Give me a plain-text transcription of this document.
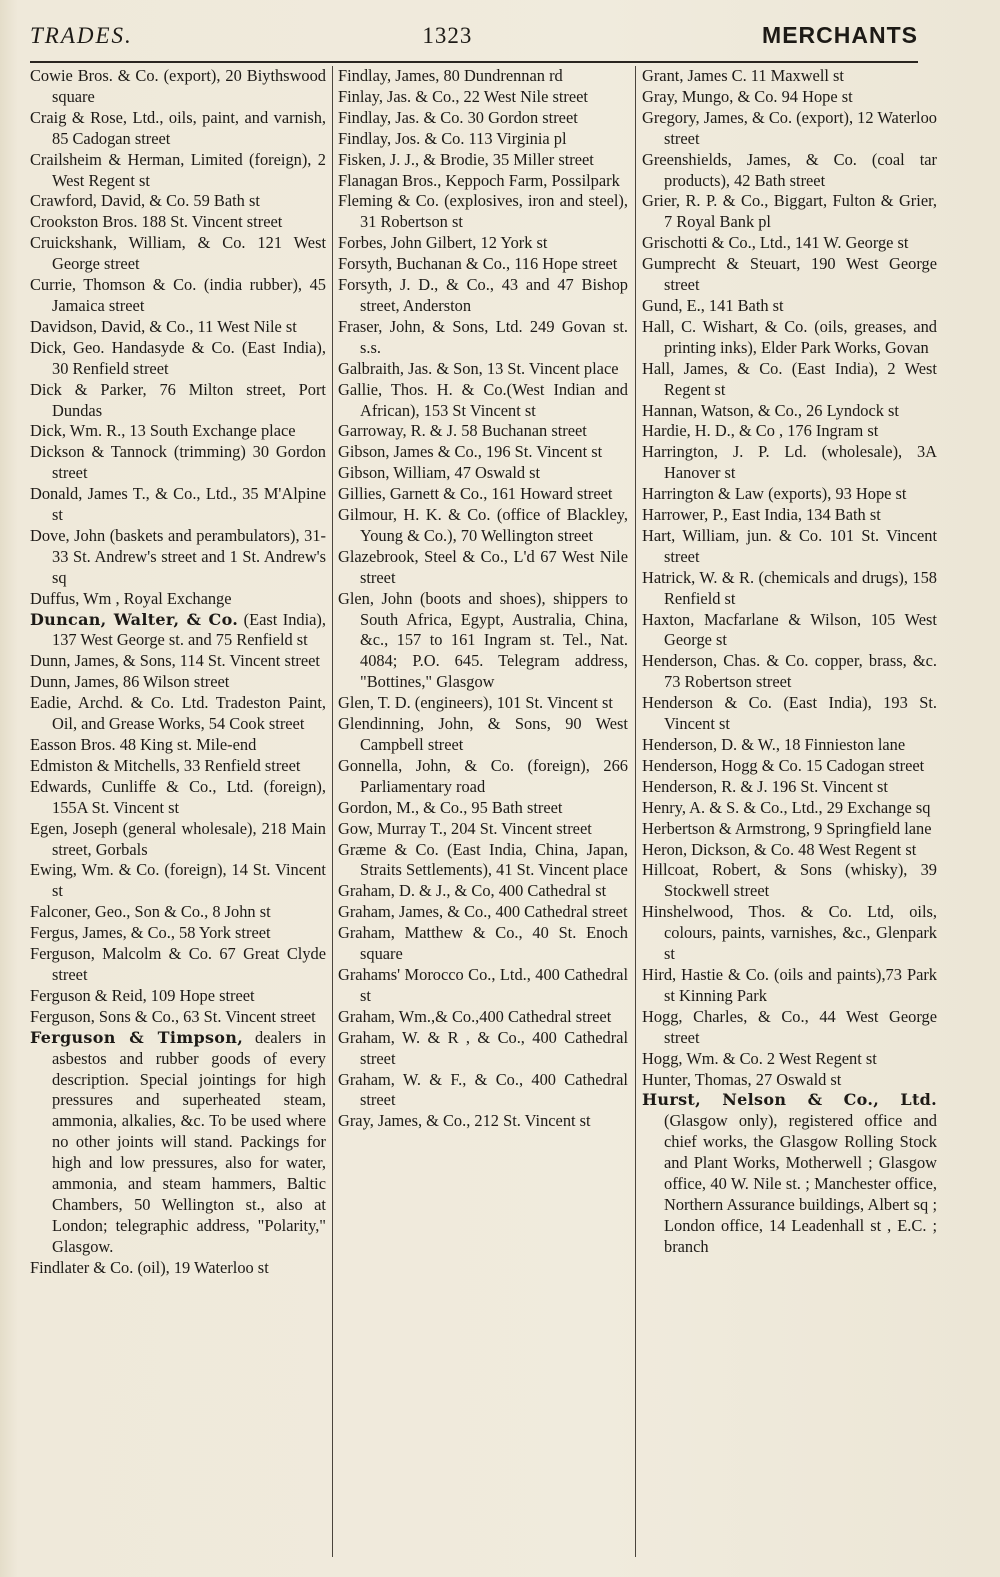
TRADES.	1323	MERCHANTS
Cowie Bros. & Co. (export), 20 Biythswood square
Craig & Rose, Ltd., oils, paint, and varnish, 85 Cadogan street
Crailsheim & Herman, Limited (foreign), 2 West Regent st
Crawford, David, & Co. 59 Bath st
Crookston Bros. 188 St. Vincent street
Cruickshank, William, & Co. 121 West George street
Currie, Thomson & Co. (india rubber), 45 Jamaica street
Davidson, David, & Co., 11 West Nile st
Dick, Geo. Handasyde & Co. (East India), 30 Renfield street
Dick & Parker, 76 Milton street, Port Dundas
Dick, Wm. R., 13 South Exchange place
Dickson & Tannock (trimming) 30 Gordon street
Donald, James T., & Co., Ltd., 35 M'Alpine st
Dove, John (baskets and perambulators), 31-33 St. Andrew's street and 1 St. Andrew's sq
Duffus, Wm , Royal Exchange
Duncan, Walter, & Co. (East India), 137 West George st. and 75 Renfield st
Dunn, James, & Sons, 114 St. Vincent street
Dunn, James, 86 Wilson street
Eadie, Archd. & Co. Ltd. Tradeston Paint, Oil, and Grease Works, 54 Cook street
Easson Bros. 48 King st. Mile-end
Edmiston & Mitchells, 33 Renfield street
Edwards, Cunliffe & Co., Ltd. (foreign), 155A St. Vincent st
Egen, Joseph (general wholesale), 218 Main street, Gorbals
Ewing, Wm. & Co. (foreign), 14 St. Vincent st
Falconer, Geo., Son & Co., 8 John st
Fergus, James, & Co., 58 York street
Ferguson, Malcolm & Co. 67 Great Clyde street
Ferguson & Reid, 109 Hope street
Ferguson, Sons & Co., 63 St. Vincent street
Ferguson & Timpson, dealers in asbestos and rubber goods of every description. Special jointings for high pressures and superheated steam, ammonia, alkalies, &c. To be used where no other joints will stand. Packings for high and low pressures, also for water, ammonia, and steam hammers, Baltic Chambers, 50 Wellington st., also at London; telegraphic address, "Polarity," Glasgow.
Findlater & Co. (oil), 19 Waterloo st
Findlay, James, 80 Dundrennan rd
Finlay, Jas. & Co., 22 West Nile street
Findlay, Jas. & Co. 30 Gordon street
Findlay, Jos. & Co. 113 Virginia pl
Fisken, J. J., & Brodie, 35 Miller street
Flanagan Bros., Keppoch Farm, Possilpark
Fleming & Co. (explosives, iron and steel), 31 Robertson st
Forbes, John Gilbert, 12 York st
Forsyth, Buchanan & Co., 116 Hope street
Forsyth, J. D., & Co., 43 and 47 Bishop street, Anderston
Fraser, John, & Sons, Ltd. 249 Govan st. s.s.
Galbraith, Jas. & Son, 13 St. Vincent place
Gallie, Thos. H. & Co.(West Indian and African), 153 St Vincent st
Garroway, R. & J. 58 Buchanan street
Gibson, James & Co., 196 St. Vincent st
Gibson, William, 47 Oswald st
Gillies, Garnett & Co., 161 Howard street
Gilmour, H. K. & Co. (office of Blackley, Young & Co.), 70 Wellington street
Glazebrook, Steel & Co., L'd 67 West Nile street
Glen, John (boots and shoes), shippers to South Africa, Egypt, Australia, China, &c., 157 to 161 Ingram st. Tel., Nat. 4084; P.O. 645. Telegram address, "Bottines," Glasgow
Glen, T. D. (engineers), 101 St. Vincent st
Glendinning, John, & Sons, 90 West Campbell street
Gonnella, John, & Co. (foreign), 266 Parliamentary road
Gordon, M., & Co., 95 Bath street
Gow, Murray T., 204 St. Vincent street
Græme & Co. (East India, China, Japan, Straits Settlements), 41 St. Vincent place
Graham, D. & J., & Co, 400 Cathedral st
Graham, James, & Co., 400 Cathedral street
Graham, Matthew & Co., 40 St. Enoch square
Grahams' Morocco Co., Ltd., 400 Cathedral st
Graham, Wm.,& Co.,400 Cathedral street
Graham, W. & R , & Co., 400 Cathedral street
Graham, W. & F., & Co., 400 Cathedral street
Gray, James, & Co., 212 St. Vincent st
Grant, James C. 11 Maxwell st
Gray, Mungo, & Co. 94 Hope st
Gregory, James, & Co. (export), 12 Waterloo street
Greenshields, James, & Co. (coal tar products), 42 Bath street
Grier, R. P. & Co., Biggart, Fulton & Grier, 7 Royal Bank pl
Grischotti & Co., Ltd., 141 W. George st
Gumprecht & Steuart, 190 West George street
Gund, E., 141 Bath st
Hall, C. Wishart, & Co. (oils, greases, and printing inks), Elder Park Works, Govan
Hall, James, & Co. (East India), 2 West Regent st
Hannan, Watson, & Co., 26 Lyndock st
Hardie, H. D., & Co , 176 Ingram st
Harrington, J. P. Ld. (wholesale), 3A Hanover st
Harrington & Law (exports), 93 Hope st
Harrower, P., East India, 134 Bath st
Hart, William, jun. & Co. 101 St. Vincent street
Hatrick, W. & R. (chemicals and drugs), 158 Renfield st
Haxton, Macfarlane & Wilson, 105 West George st
Henderson, Chas. & Co. copper, brass, &c. 73 Robertson street
Henderson & Co. (East India), 193 St. Vincent st
Henderson, D. & W., 18 Finnieston lane
Henderson, Hogg & Co. 15 Cadogan street
Henderson, R. & J. 196 St. Vincent st
Henry, A. & S. & Co., Ltd., 29 Exchange sq
Herbertson & Armstrong, 9 Springfield lane
Heron, Dickson, & Co. 48 West Regent st
Hillcoat, Robert, & Sons (whisky), 39 Stockwell street
Hinshelwood, Thos. & Co. Ltd, oils, colours, paints, varnishes, &c., Glenpark st
Hird, Hastie & Co. (oils and paints),73 Park st Kinning Park
Hogg, Charles, & Co., 44 West George street
Hogg, Wm. & Co. 2 West Regent st
Hunter, Thomas, 27 Oswald st
Hurst, Nelson & Co., Ltd. (Glasgow only), registered office and chief works, the Glasgow Rolling Stock and Plant Works, Motherwell ; Glasgow office, 40 W. Nile st. ; Manchester office, Northern Assurance buildings, Albert sq ; London office, 14 Leadenhall st , E.C. ; branch
